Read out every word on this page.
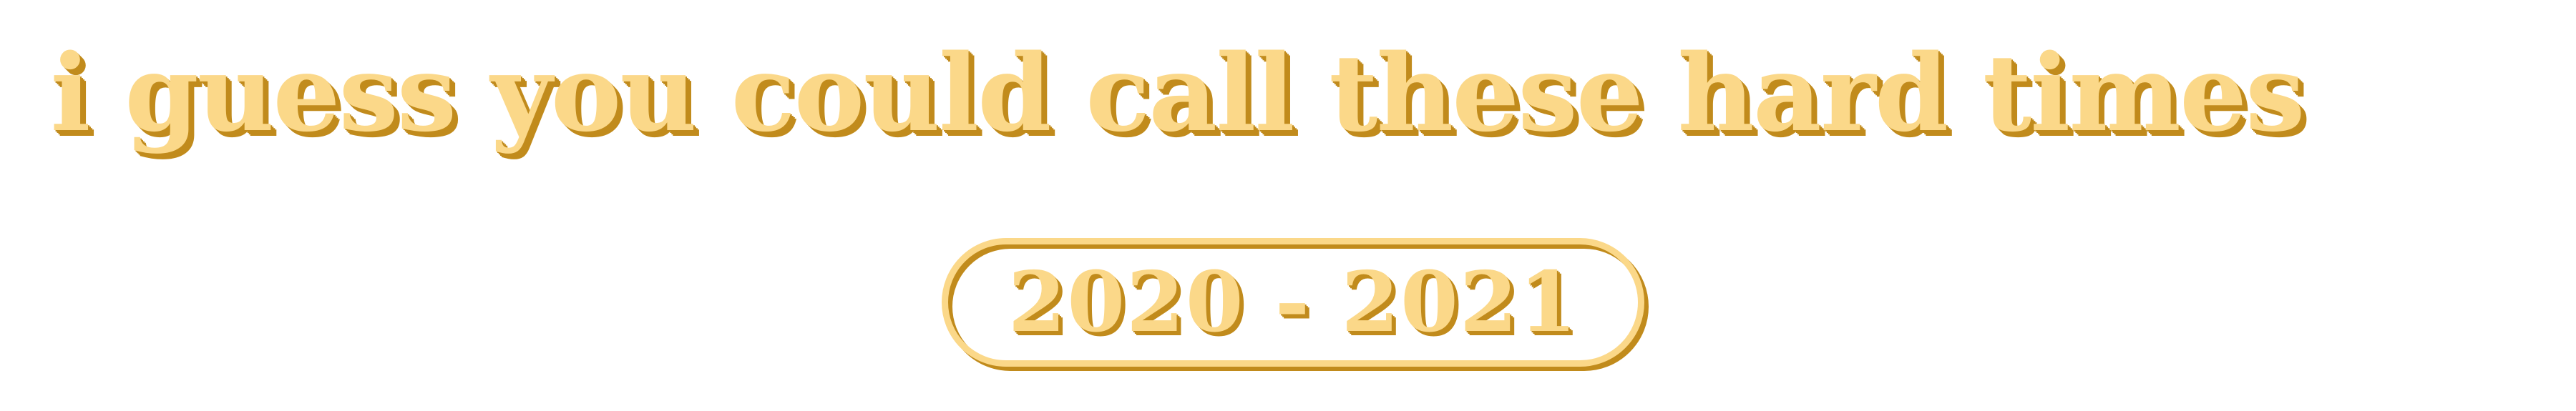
i guess you could call these hard times
2020 - 2021
